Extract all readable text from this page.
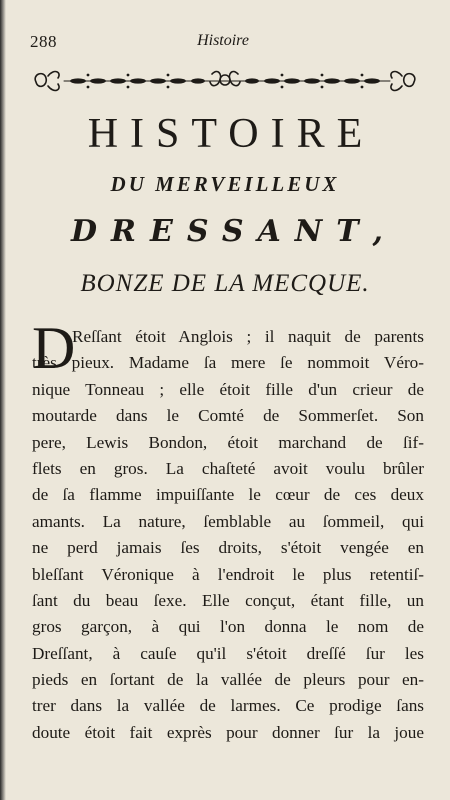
288	Histoire
HISTOIRE
DU MERVEILLEUX
DRESSANT,
BONZE DE LA MECQUE.
D
Reſſant étoit Anglois ; il naquit de parents
très pieux. Madame ſa mere ſe nommoit Véro-
nique Tonneau ; elle étoit fille d'un crieur de
moutarde dans le Comté de Sommerſet. Son
pere, Lewis Bondon, étoit marchand de ſif-
flets en gros. La chaſteté avoit voulu brûler
de ſa flamme impuiſſante le cœur de ces deux
amants. La nature, ſemblable au ſommeil, qui
ne perd jamais ſes droits, s'étoit vengée en
bleſſant Véronique à l'endroit le plus retentiſ-
ſant du beau ſexe. Elle conçut, étant fille, un
gros garçon, à qui l'on donna le nom de
Dreſſant, à cauſe qu'il s'étoit dreſſé ſur les
pieds en ſortant de la vallée de pleurs pour en-
trer dans la vallée de larmes. Ce prodige ſans
doute étoit fait exprès pour donner ſur la joue
